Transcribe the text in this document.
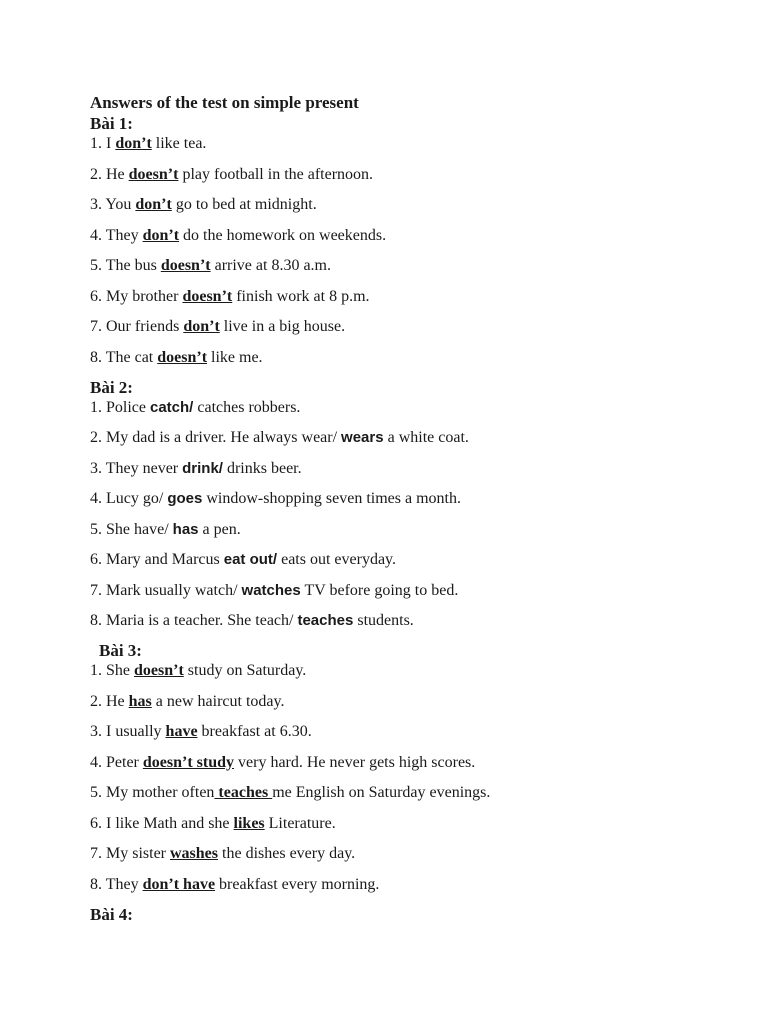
Answers of the test on simple present
Bài 1:
1. I don’t like tea.
2. He doesn’t play football in the afternoon.
3. You don’t go to bed at midnight.
4. They don’t do the homework on weekends.
5. The bus doesn’t arrive at 8.30 a.m.
6. My brother doesn’t finish work at 8 p.m.
7. Our friends don’t live in a big house.
8. The cat doesn’t like me.
Bài 2:
1. Police catch/ catches robbers.
2. My dad is a driver. He always wear/ wears a white coat.
3. They never drink/ drinks beer.
4. Lucy go/ goes window-shopping seven times a month.
5. She have/ has a pen.
6. Mary and Marcus eat out/ eats out everyday.
7. Mark usually watch/ watches TV before going to bed.
8. Maria is a teacher. She teach/ teaches students.
Bài 3:
1. She doesn’t study on Saturday.
2. He has a new haircut today.
3. I usually have breakfast at 6.30.
4. Peter doesn’t study very hard. He never gets high scores.
5. My mother often teaches me English on Saturday evenings.
6. I like Math and she likes Literature.
7. My sister washes the dishes every day.
8. They don’t have breakfast every morning.
Bài 4:
